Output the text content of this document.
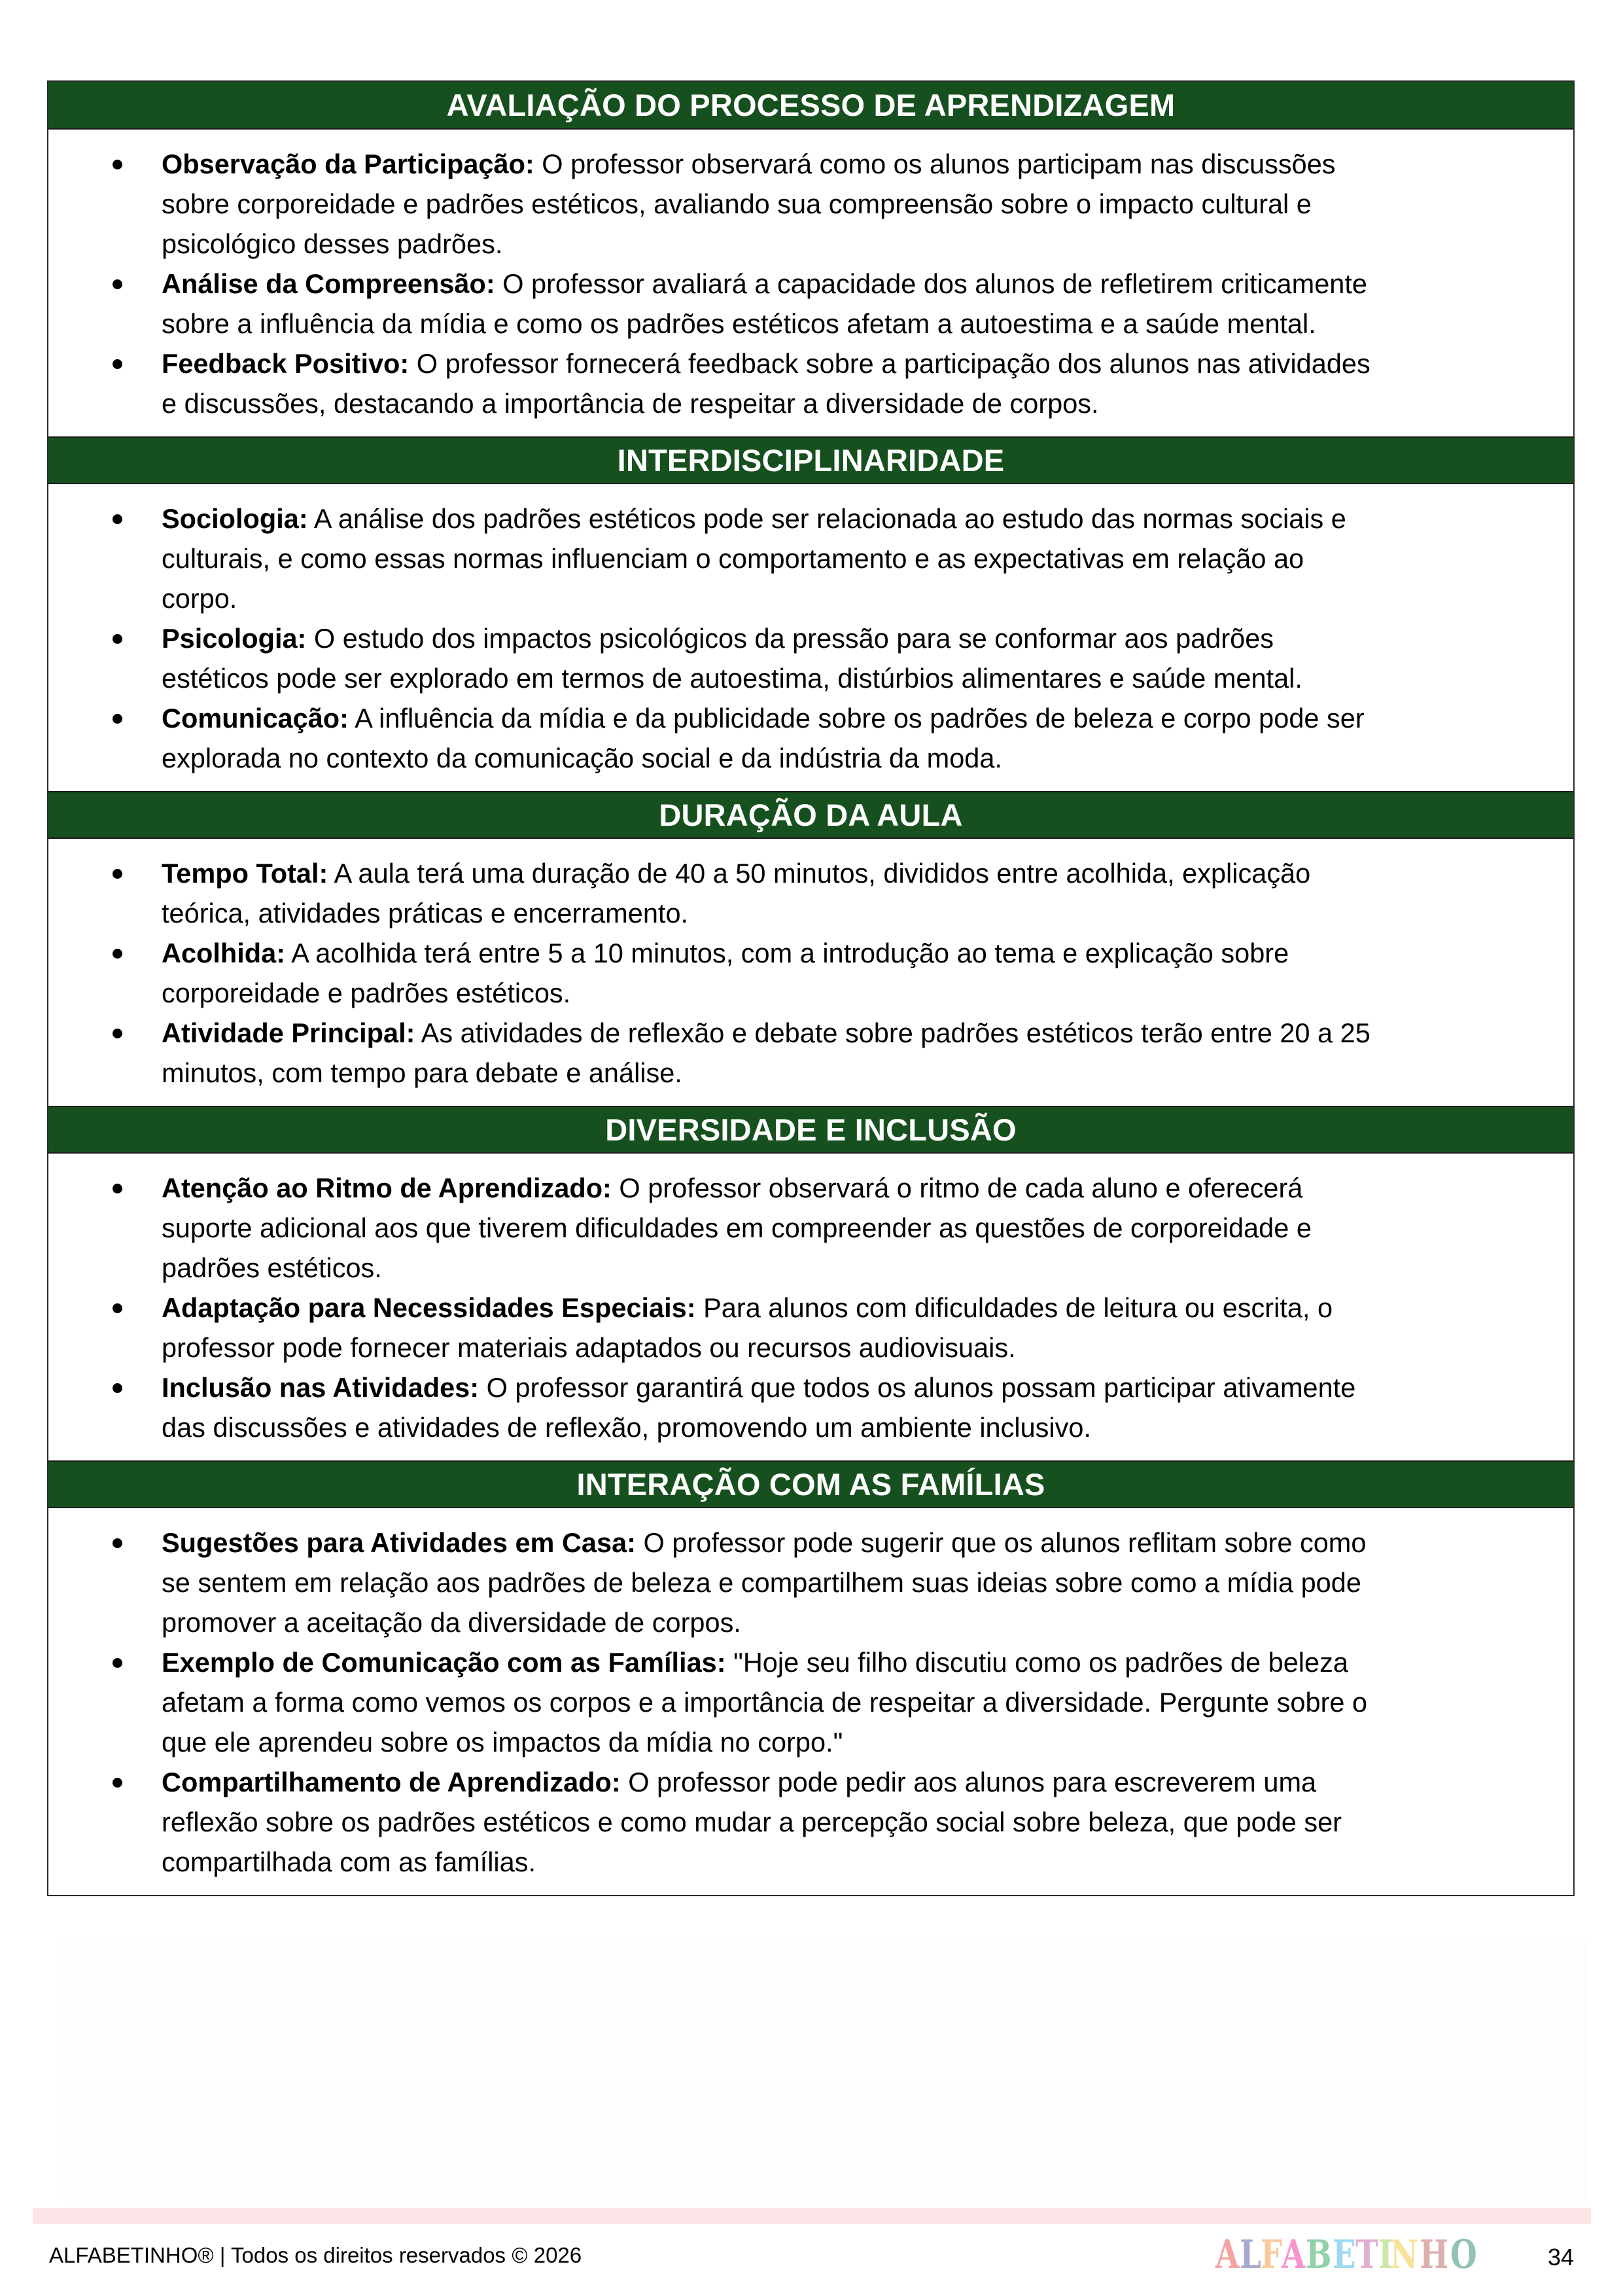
AVALIAÇÃO DO PROCESSO DE APRENDIZAGEM
Observação da Participação: O professor observará como os alunos participam nas discussões
sobre corporeidade e padrões estéticos, avaliando sua compreensão sobre o impacto cultural e
psicológico desses padrões.
Análise da Compreensão: O professor avaliará a capacidade dos alunos de refletirem criticamente
sobre a influência da mídia e como os padrões estéticos afetam a autoestima e a saúde mental.
Feedback Positivo: O professor fornecerá feedback sobre a participação dos alunos nas atividades
e discussões, destacando a importância de respeitar a diversidade de corpos.
INTERDISCIPLINARIDADE
Sociologia: A análise dos padrões estéticos pode ser relacionada ao estudo das normas sociais e
culturais, e como essas normas influenciam o comportamento e as expectativas em relação ao
corpo.
Psicologia: O estudo dos impactos psicológicos da pressão para se conformar aos padrões
estéticos pode ser explorado em termos de autoestima, distúrbios alimentares e saúde mental.
Comunicação: A influência da mídia e da publicidade sobre os padrões de beleza e corpo pode ser
explorada no contexto da comunicação social e da indústria da moda.
DURAÇÃO DA AULA
Tempo Total: A aula terá uma duração de 40 a 50 minutos, divididos entre acolhida, explicação
teórica, atividades práticas e encerramento.
Acolhida: A acolhida terá entre 5 a 10 minutos, com a introdução ao tema e explicação sobre
corporeidade e padrões estéticos.
Atividade Principal: As atividades de reflexão e debate sobre padrões estéticos terão entre 20 a 25
minutos, com tempo para debate e análise.
DIVERSIDADE E INCLUSÃO
Atenção ao Ritmo de Aprendizado: O professor observará o ritmo de cada aluno e oferecerá
suporte adicional aos que tiverem dificuldades em compreender as questões de corporeidade e
padrões estéticos.
Adaptação para Necessidades Especiais: Para alunos com dificuldades de leitura ou escrita, o
professor pode fornecer materiais adaptados ou recursos audiovisuais.
Inclusão nas Atividades: O professor garantirá que todos os alunos possam participar ativamente
das discussões e atividades de reflexão, promovendo um ambiente inclusivo.
INTERAÇÃO COM AS FAMÍLIAS
Sugestões para Atividades em Casa: O professor pode sugerir que os alunos reflitam sobre como
se sentem em relação aos padrões de beleza e compartilhem suas ideias sobre como a mídia pode
promover a aceitação da diversidade de corpos.
Exemplo de Comunicação com as Famílias: "Hoje seu filho discutiu como os padrões de beleza
afetam a forma como vemos os corpos e a importância de respeitar a diversidade. Pergunte sobre o
que ele aprendeu sobre os impactos da mídia no corpo."
Compartilhamento de Aprendizado: O professor pode pedir aos alunos para escreverem uma
reflexão sobre os padrões estéticos e como mudar a percepção social sobre beleza, que pode ser
compartilhada com as famílias.
ALFABETINHO® | Todos os direitos reservados © 2026	A L F A B E T I
N H O	34
